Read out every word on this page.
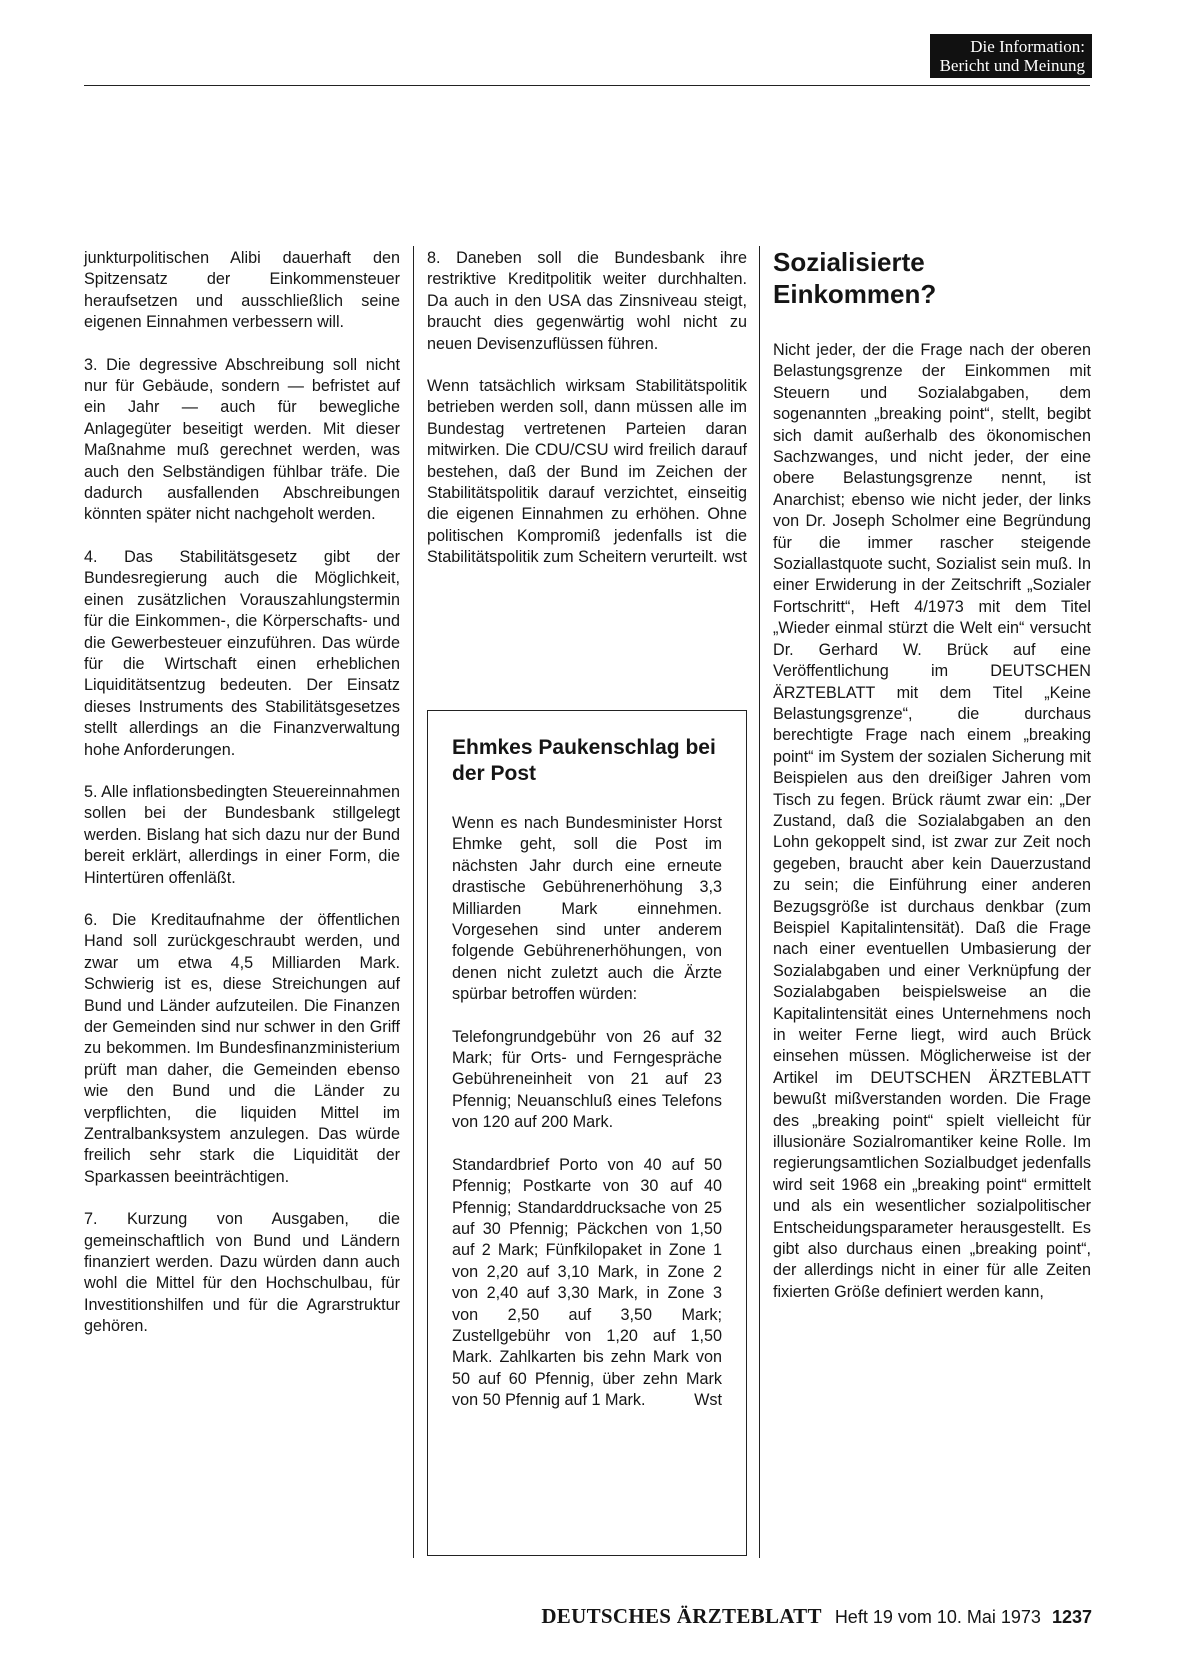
Die Information:
Bericht und Meinung

junkturpolitischen Alibi dauerhaft den Spitzensatz der Einkommensteuer heraufsetzen und ausschließlich seine eigenen Einnahmen verbessern will.

3. Die degressive Abschreibung soll nicht nur für Gebäude, sondern — befristet auf ein Jahr — auch für bewegliche Anlagegüter beseitigt werden. Mit dieser Maßnahme muß gerechnet werden, was auch den Selbständigen fühlbar träfe. Die dadurch ausfallenden Abschreibungen könnten später nicht nachgeholt werden.

4. Das Stabilitätsgesetz gibt der Bundesregierung auch die Möglichkeit, einen zusätzlichen Vorauszahlungstermin für die Einkommen-, die Körperschafts- und die Gewerbesteuer einzuführen. Das würde für die Wirtschaft einen erheblichen Liquiditätsentzug bedeuten. Der Einsatz dieses Instruments des Stabilitätsgesetzes stellt allerdings an die Finanzverwaltung hohe Anforderungen.

5. Alle inflationsbedingten Steuereinnahmen sollen bei der Bundesbank stillgelegt werden. Bislang hat sich dazu nur der Bund bereit erklärt, allerdings in einer Form, die Hintertüren offenläßt.

6. Die Kreditaufnahme der öffentlichen Hand soll zurückgeschraubt werden, und zwar um etwa 4,5 Milliarden Mark. Schwierig ist es, diese Streichungen auf Bund und Länder aufzuteilen. Die Finanzen der Gemeinden sind nur schwer in den Griff zu bekommen. Im Bundesfinanzministerium prüft man daher, die Gemeinden ebenso wie den Bund und die Länder zu verpflichten, die liquiden Mittel im Zentralbanksystem anzulegen. Das würde freilich sehr stark die Liquidität der Sparkassen beeinträchtigen.

7. Kurzung von Ausgaben, die gemeinschaftlich von Bund und Ländern finanziert werden. Dazu würden dann auch wohl die Mittel für den Hochschulbau, für Investitionshilfen und für die Agrarstruktur gehören.

8. Daneben soll die Bundesbank ihre restriktive Kreditpolitik weiter durchhalten. Da auch in den USA das Zinsniveau steigt, braucht dies gegenwärtig wohl nicht zu neuen Devisenzuflüssen führen.

Wenn tatsächlich wirksam Stabilitätspolitik betrieben werden soll, dann müssen alle im Bundestag vertretenen Parteien daran mitwirken. Die CDU/CSU wird freilich darauf bestehen, daß der Bund im Zeichen der Stabilitätspolitik darauf verzichtet, einseitig die eigenen Einnahmen zu erhöhen. Ohne politischen Kompromiß jedenfalls ist die Stabilitätspolitik zum Scheitern verurteilt. wst

Ehmkes Paukenschlag bei der Post

Wenn es nach Bundesminister Horst Ehmke geht, soll die Post im nächsten Jahr durch eine erneute drastische Gebührenerhöhung 3,3 Milliarden Mark einnehmen. Vorgesehen sind unter anderem folgende Gebührenerhöhungen, von denen nicht zuletzt auch die Ärzte spürbar betroffen würden:

Telefongrundgebühr von 26 auf 32 Mark; für Orts- und Ferngespräche Gebühreneinheit von 21 auf 23 Pfennig; Neuanschluß eines Telefons von 120 auf 200 Mark.

Standardbrief Porto von 40 auf 50 Pfennig; Postkarte von 30 auf 40 Pfennig; Standarddrucksache von 25 auf 30 Pfennig; Päckchen von 1,50 auf 2 Mark; Fünfkilopaket in Zone 1 von 2,20 auf 3,10 Mark, in Zone 2 von 2,40 auf 3,30 Mark, in Zone 3 von 2,50 auf 3,50 Mark; Zustellgebühr von 1,20 auf 1,50 Mark. Zahlkarten bis zehn Mark von 50 auf 60 Pfennig, über zehn Mark von 50 Pfennig auf 1 Mark.	Wst

Sozialisierte Einkommen?

Nicht jeder, der die Frage nach der oberen Belastungsgrenze der Einkommen mit Steuern und Sozialabgaben, dem sogenannten „breaking point“, stellt, begibt sich damit außerhalb des ökonomischen Sachzwanges, und nicht jeder, der eine obere Belastungsgrenze nennt, ist Anarchist; ebenso wie nicht jeder, der links von Dr. Joseph Scholmer eine Begründung für die immer rascher steigende Soziallastquote sucht, Sozialist sein muß. In einer Erwiderung in der Zeitschrift „Sozialer Fortschritt“, Heft 4/1973 mit dem Titel „Wieder einmal stürzt die Welt ein“ versucht Dr. Gerhard W. Brück auf eine Veröffentlichung im DEUTSCHEN ÄRZTEBLATT mit dem Titel „Keine Belastungsgrenze“, die durchaus berechtigte Frage nach einem „breaking point“ im System der sozialen Sicherung mit Beispielen aus den dreißiger Jahren vom Tisch zu fegen. Brück räumt zwar ein: „Der Zustand, daß die Sozialabgaben an den Lohn gekoppelt sind, ist zwar zur Zeit noch gegeben, braucht aber kein Dauerzustand zu sein; die Einführung einer anderen Bezugsgröße ist durchaus denkbar (zum Beispiel Kapitalintensität). Daß die Frage nach einer eventuellen Umbasierung der Sozialabgaben und einer Verknüpfung der Sozialabgaben beispielsweise an die Kapitalintensität eines Unternehmens noch in weiter Ferne liegt, wird auch Brück einsehen müssen. Möglicherweise ist der Artikel im DEUTSCHEN ÄRZTEBLATT bewußt mißverstanden worden. Die Frage des „breaking point“ spielt vielleicht für illusionäre Sozialromantiker keine Rolle. Im regierungsamtlichen Sozialbudget jedenfalls wird seit 1968 ein „breaking point“ ermittelt und als ein wesentlicher sozialpolitischer Entscheidungsparameter herausgestellt. Es gibt also durchaus einen „breaking point“, der allerdings nicht in einer für alle Zeiten fixierten Größe definiert werden kann,

DEUTSCHES ÄRZTEBLATT Heft 19 vom 10. Mai 1973 1237
